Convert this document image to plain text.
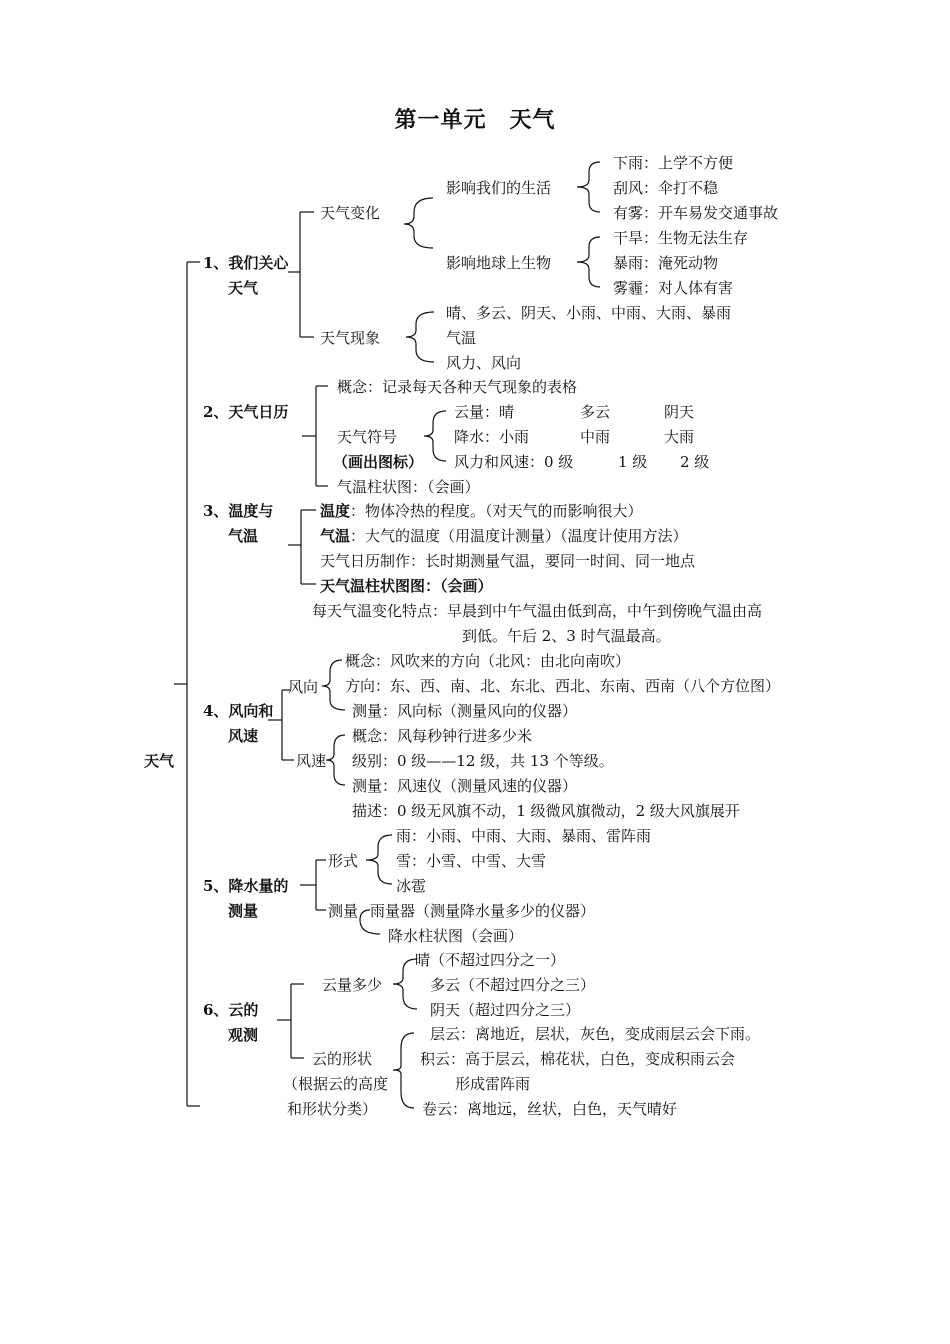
第一单元　天气
天气
1、我们关心
天气
天气变化
影响我们的生活
下雨：上学不方便
刮风：伞打不稳
有雾：开车易发交通事故
影响地球上生物
干旱：生物无法生存
暴雨：淹死动物
雾霾：对人体有害
天气现象
晴、多云、阴天、小雨、中雨、大雨、暴雨
气温
风力、风向
2、天气日历
概念：记录每天各种天气现象的表格
天气符号
（画出图标）
云量：晴	多云	阴天
降水：小雨	中雨	大雨
风力和风速：0 级	1 级 2 级
气温柱状图：（会画）
3、温度与
气温
温度：物体冷热的程度。（对天气的而影响很大）
气温：大气的温度（用温度计测量）（温度计使用方法）
天气日历制作：长时期测量气温，要同一时间、同一地点
天气温柱状图图：（会画）
每天气温变化特点：早晨到中午气温由低到高，中午到傍晚气温由高
到低。午后 2、3 时气温最高。
4、风向和
风速
风向
概念：风吹来的方向（北风：由北向南吹）
方向：东、西、南、北、东北、西北、东南、西南（八个方位图）
测量：风向标（测量风向的仪器）
风速
概念：风每秒钟行进多少米
级别：0 级——12 级，共 13 个等级。
测量：风速仪（测量风速的仪器）
描述：0 级无风旗不动，1 级微风旗微动，2 级大风旗展开
5、降水量的
测量
形式
雨：小雨、中雨、大雨、暴雨、雷阵雨
雪：小雪、中雪、大雪
冰雹
测量 雨量器（测量降水量多少的仪器）
降水柱状图（会画）
6、云的
观测
云量多少
晴（不超过四分之一）
多云（不超过四分之三）
阴天（超过四分之三）
云的形状
（根据云的高度
和形状分类）
层云：离地近，层状，灰色，变成雨层云会下雨。
积云：高于层云，棉花状，白色，变成积雨云会
形成雷阵雨
卷云：离地远，丝状，白色，天气晴好
